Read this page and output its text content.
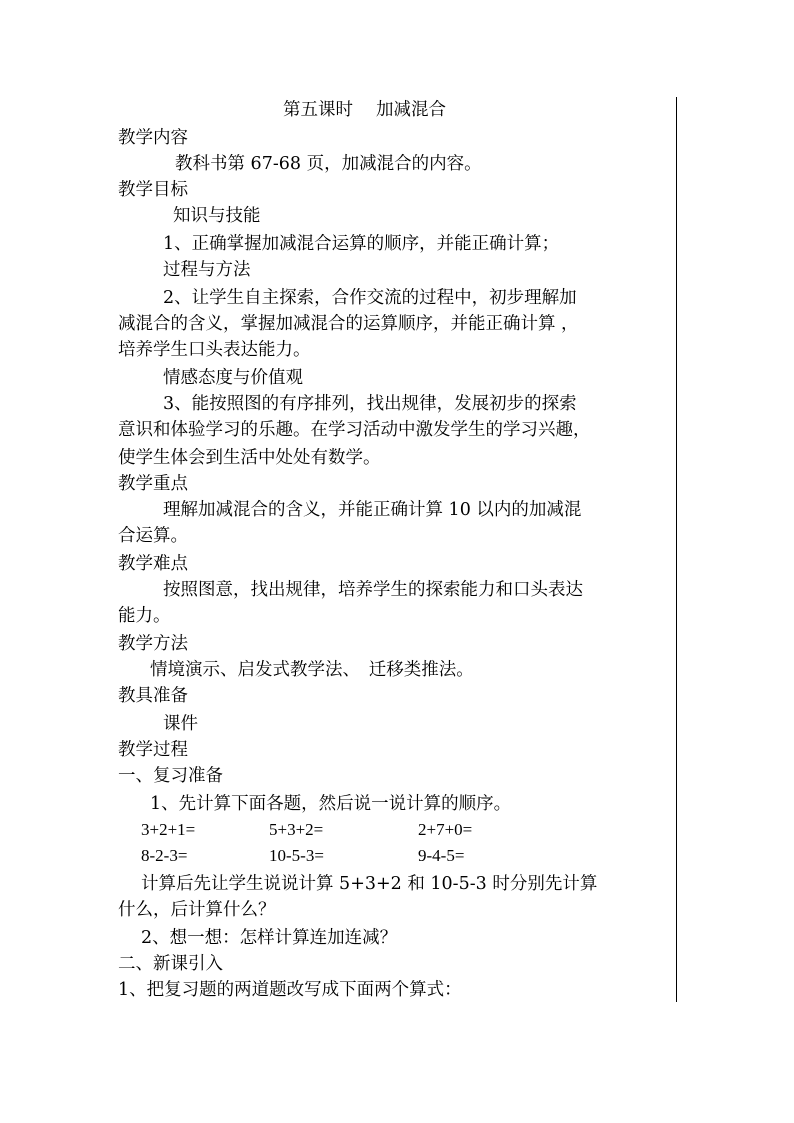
第五课时　 加减混合
教学内容
教科书第 67-68 页，加减混合的内容。
教学目标
知识与技能
1、正确掌握加减混合运算的顺序，并能正确计算；
过程与方法
2、让学生自主探索，合作交流的过程中，初步理解加
减混合的含义，掌握加减混合的运算顺序，并能正确计算 ，
培养学生口头表达能力。
情感态度与价值观
3、能按照图的有序排列，找出规律，发展初步的探索
意识和体验学习的乐趣。在学习活动中激发学生的学习兴趣，
使学生体会到生活中处处有数学。
教学重点
理解加减混合的含义，并能正确计算 10 以内的加减混
合运算。
教学难点
按照图意，找出规律，培养学生的探索能力和口头表达
能力。
教学方法
情境演示、启发式教学法、　迁移类推法。
教具准备
课件
教学过程
一、复习准备
1、先计算下面各题，然后说一说计算的顺序。
3+2+1=	5+3+2=	2+7+0=
8-2-3=	10-5-3=	9-4-5=
计算后先让学生说说计算 5+3+2 和 10-5-3 时分别先计算
什么，后计算什么？
2、想一想：怎样计算连加连减？
二、新课引入
1、把复习题的两道题改写成下面两个算式：
